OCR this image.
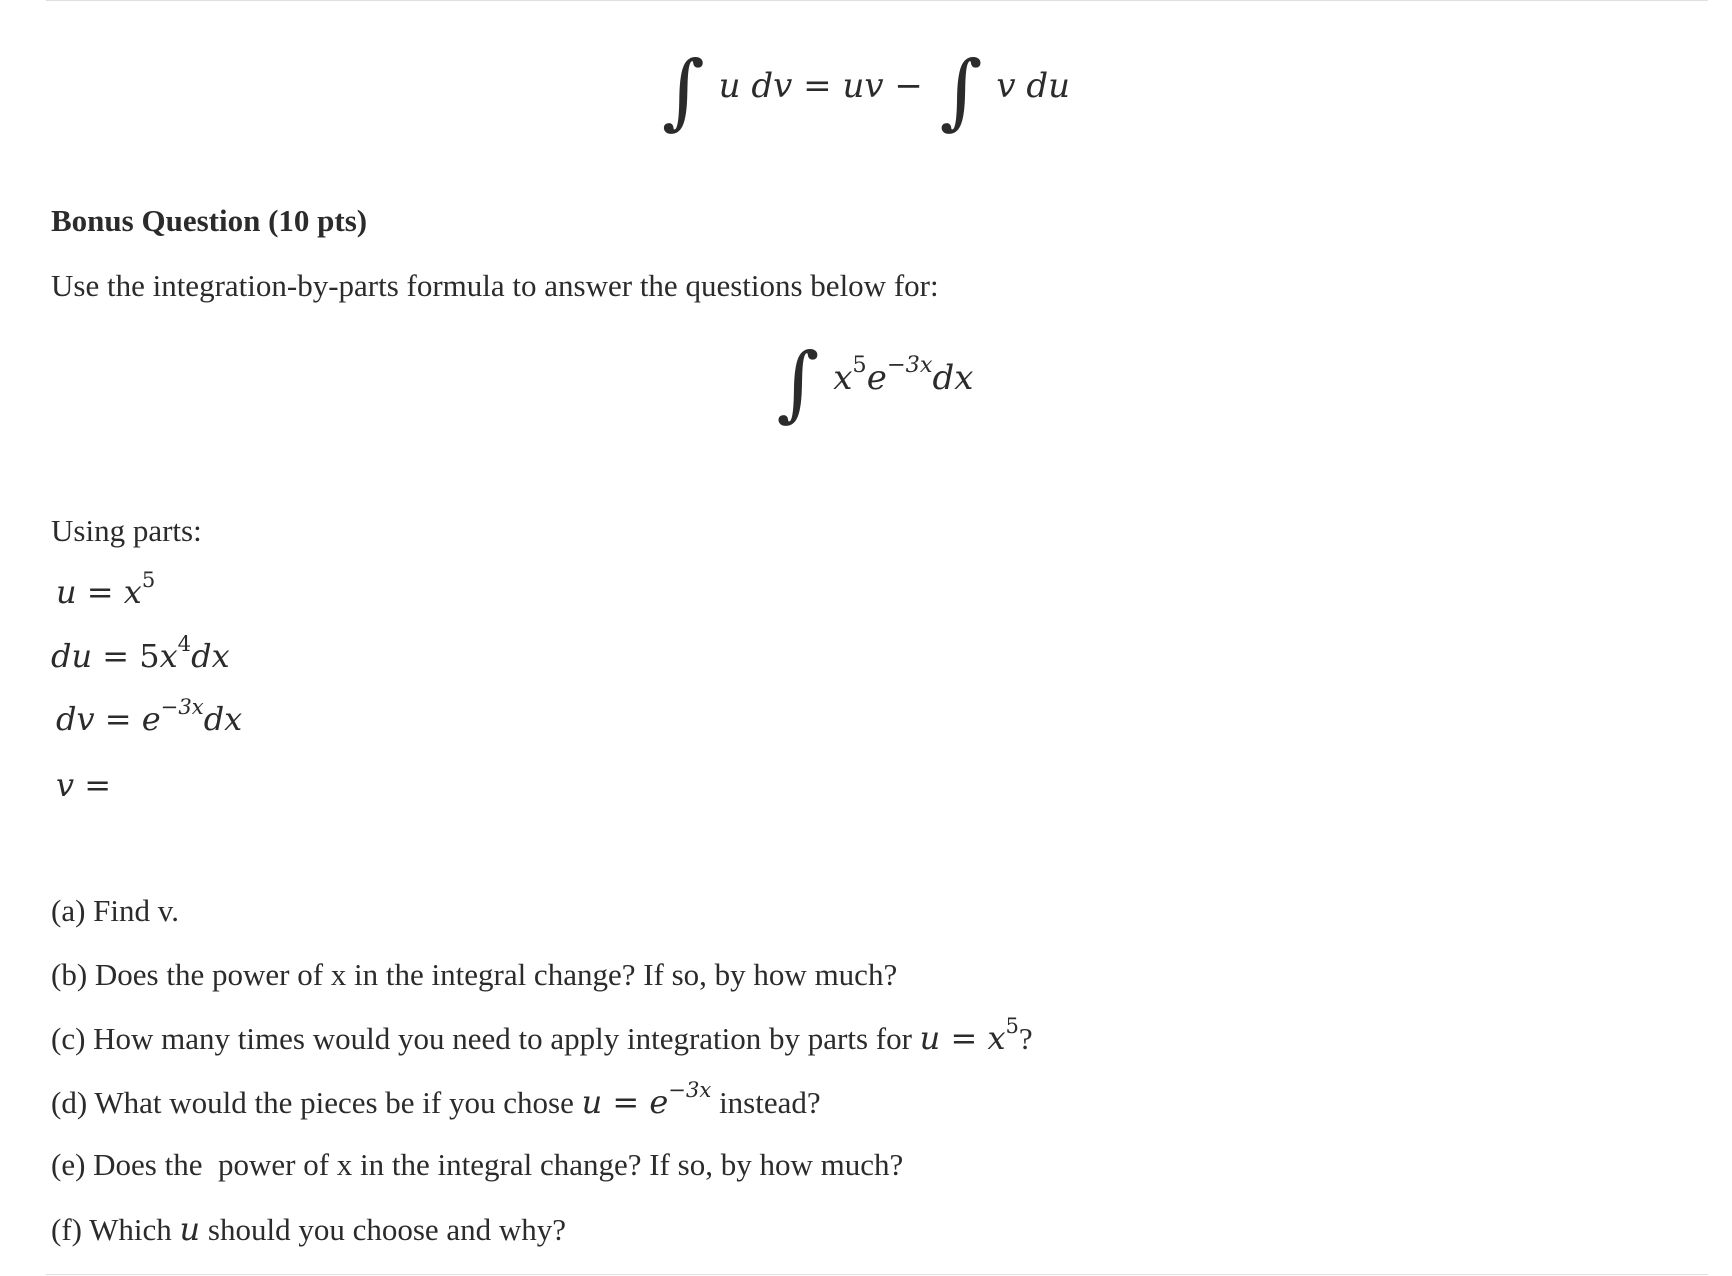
∫ u dv = uv − ∫ v du
Bonus Question (10 pts)

Use the integration-by-parts formula to answer the questions below for:

∫ $x^5e^{-3x}dx$

Using parts:

$u = x^5$
du = $5x^4dx$
dv = $e^{-3x}dx$
v =
(a) Find v.
(b) Does the power of x in the integral change? If so, by how much?
(c) How many times would you need to apply integration by parts for $u = x^5$?
(d) What would the pieces be if you chose $u = e^{-3x}$ instead?
(e) Does the  power of x in the integral change? If so, by how much?
(f) Which u should you choose and why?
